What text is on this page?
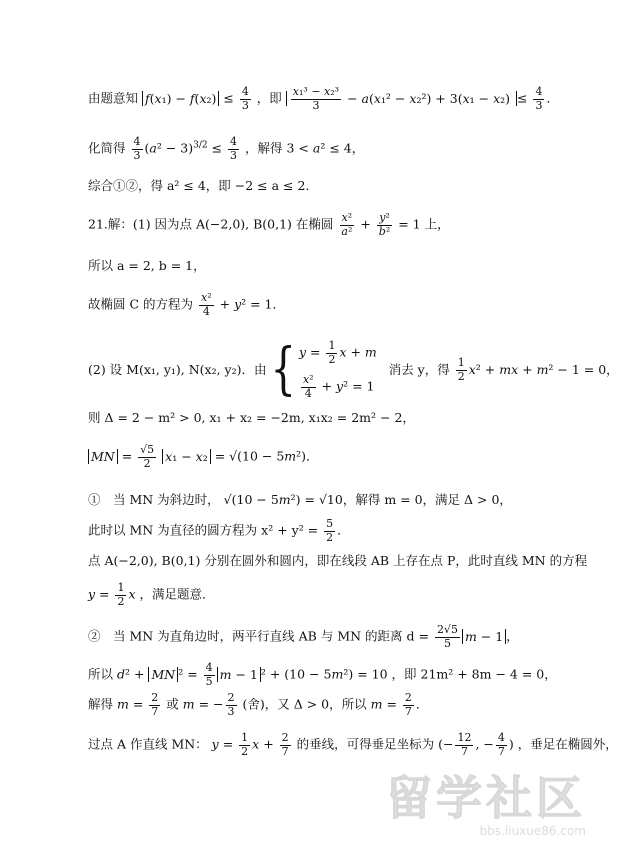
由题意知 $f(x_1) - f(x_2) \le \frac{4}{3}$ ，即 $\frac{\text{x₁³ − x₂³}}{3} - a(x_1^2 - x_2^2) + 3(x_1 - x_2) \le \frac{4}{3}$ ．
化简得 $\frac{4}{3} (a^2 - 3)^{3/2} \le \frac{4}{3}$ ，解得 3 < a² ≤ 4，
综合①②，得 a² ≤ 4，即 −2 ≤ a ≤ 2．
21.解：(1) 因为点 A(−2,0), B(0,1) 在椭圆 $\frac{\text{x²}}{\text{a²}} + \frac{\text{y²}}{\text{b²}} = 1$ 上，
所以 a = 2, b = 1，
故椭圆 C 的方程为 $\frac{\text{x²}}{4} + y^2 = 1$．
(2) 设 M(x₁, y₁), N(x₂, y₂)．由 { $y = \frac{1}{2}$ x + m
$\frac{\text{x²}}{4} + y^2 = 1$
消去 y，得 $\frac{1}{2} x^2$ + mx + m² − 1 = 0，
则 Δ = 2 − m² > 0, x₁ + x₂ = −2m, x₁x₂ = 2m² − 2，
MN = $\frac{√5}{2} x_1 - x_2 = √(10 - 5m^2)$．
①　当 MN 为斜边时， √(10 − 5m²) = √10，解得 m = 0，满足 Δ > 0，
此时以 MN 为直径的圆方程为 $x^2 + y^2 = \frac{5}{2}$ ．
点 A(−2,0), B(0,1) 分别在圆外和圆内，即在线段 AB 上存在点 P，此时直线 MN 的方程
$y = \frac{1}{2}$ x ，满足题意．
②　当 MN 为直角边时，两平行直线 AB 与 MN 的距离 $d = \frac{2√5}{5}$ m − 1 ，
所以 d² + MN $^2 = \frac{4}{5}$ m − 1 ² + (10 − 5m²) = 10 ，即 21m² + 8m − 4 = 0，
解得 $m = \frac{2}{7}$ 或 m = − $\frac{2}{3}$ (舍)，又 Δ > 0，所以 $m = \frac{2}{7}$ ．
过点 A 作直线 MN： $y = \frac{1}{2}$ $x + \frac{2}{7}$ 的垂线，可得垂足坐标为 (− $\frac{12}{7}$ , − $\frac{4}{7}$ ) ，垂足在椭圆外，
留学社区
bbs.liuxue86.com
